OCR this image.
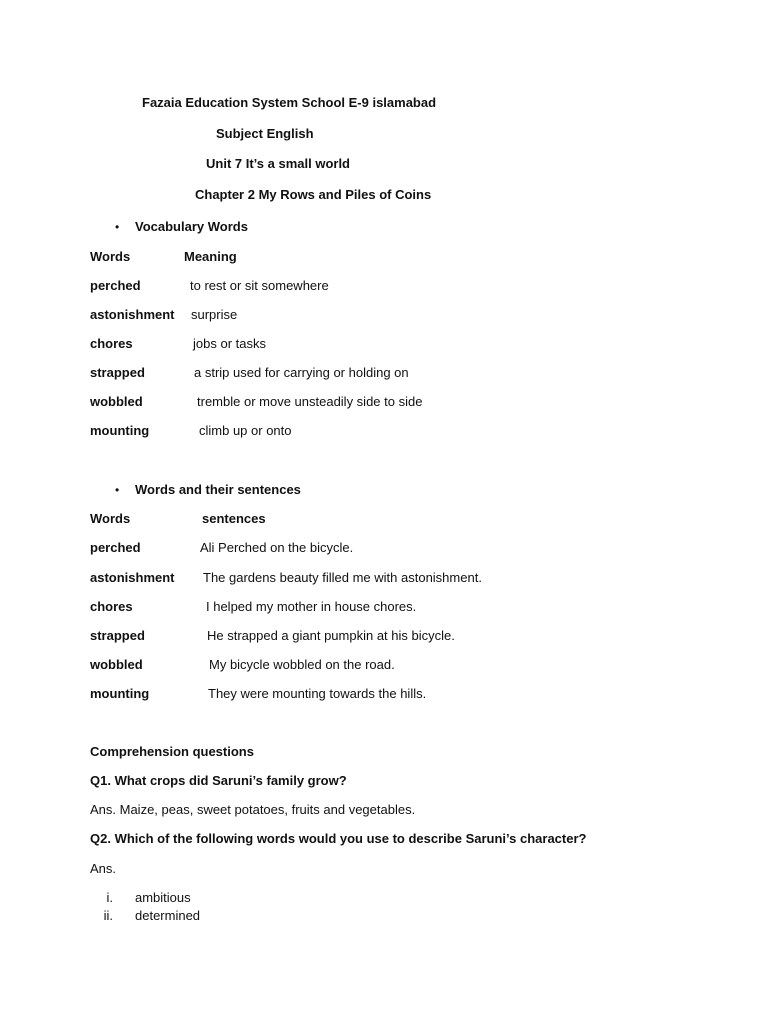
Fazaia Education System School E-9 islamabad
Subject English
Unit 7 It’s a small world
Chapter 2 My Rows and Piles of Coins
• Vocabulary Words
Words	Meaning
perched	to rest or sit somewhere
astonishment surprise
chores	jobs or tasks
strapped	a strip used for carrying or holding on
wobbled	tremble or move unsteadily side to side
mounting	climb up or onto
• Words and their sentences
Words	sentences
perched	Ali Perched on the bicycle.
astonishment The gardens beauty filled me with astonishment.
chores	I helped my mother in house chores.
strapped	He strapped a giant pumpkin at his bicycle.
wobbled	My bicycle wobbled on the road.
mounting	They were mounting towards the hills.
Comprehension questions
Q1. What crops did Saruni’s family grow?
Ans. Maize, peas, sweet potatoes, fruits and vegetables.
Q2. Which of the following words would you use to describe Saruni’s character?
Ans.
i. ambitious
ii. determined
